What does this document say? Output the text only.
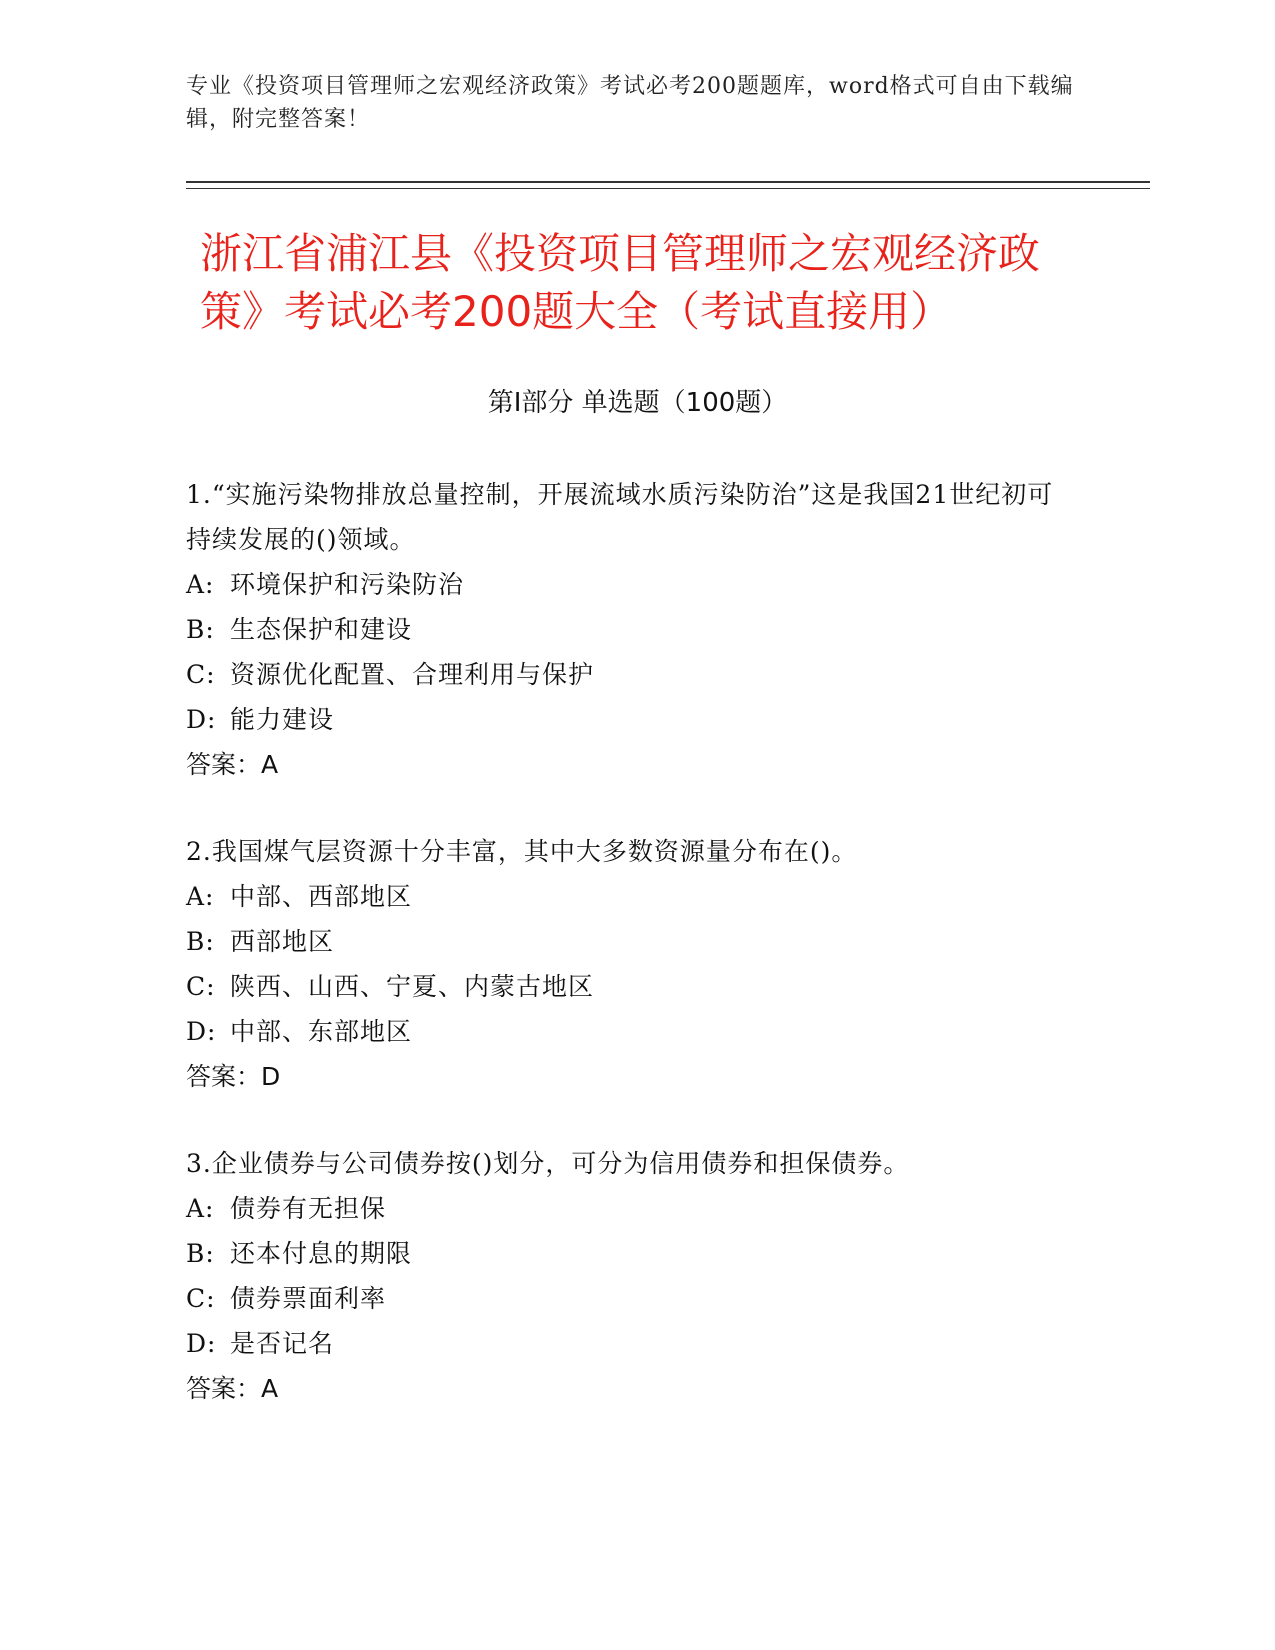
专业《投资项目管理师之宏观经济政策》考试必考200题题库，word格式可自由下载编辑，附完整答案！
浙江省浦江县《投资项目管理师之宏观经济政策》考试必考200题大全（考试直接用）
第I部分 单选题（100题）

1.“实施污染物排放总量控制，开展流域水质污染防治”这是我国21世纪初可持续发展的()领域。

A: 环境保护和污染防治

B: 生态保护和建设

C: 资源优化配置、合理利用与保护

D: 能力建设

答案：A

2.我国煤气层资源十分丰富，其中大多数资源量分布在()。

A: 中部、西部地区

B: 西部地区

C: 陕西、山西、宁夏、内蒙古地区

D: 中部、东部地区

答案：D

3.企业债券与公司债券按()划分，可分为信用债券和担保债券。

A: 债券有无担保

B: 还本付息的期限

C: 债券票面利率

D: 是否记名

答案：A
